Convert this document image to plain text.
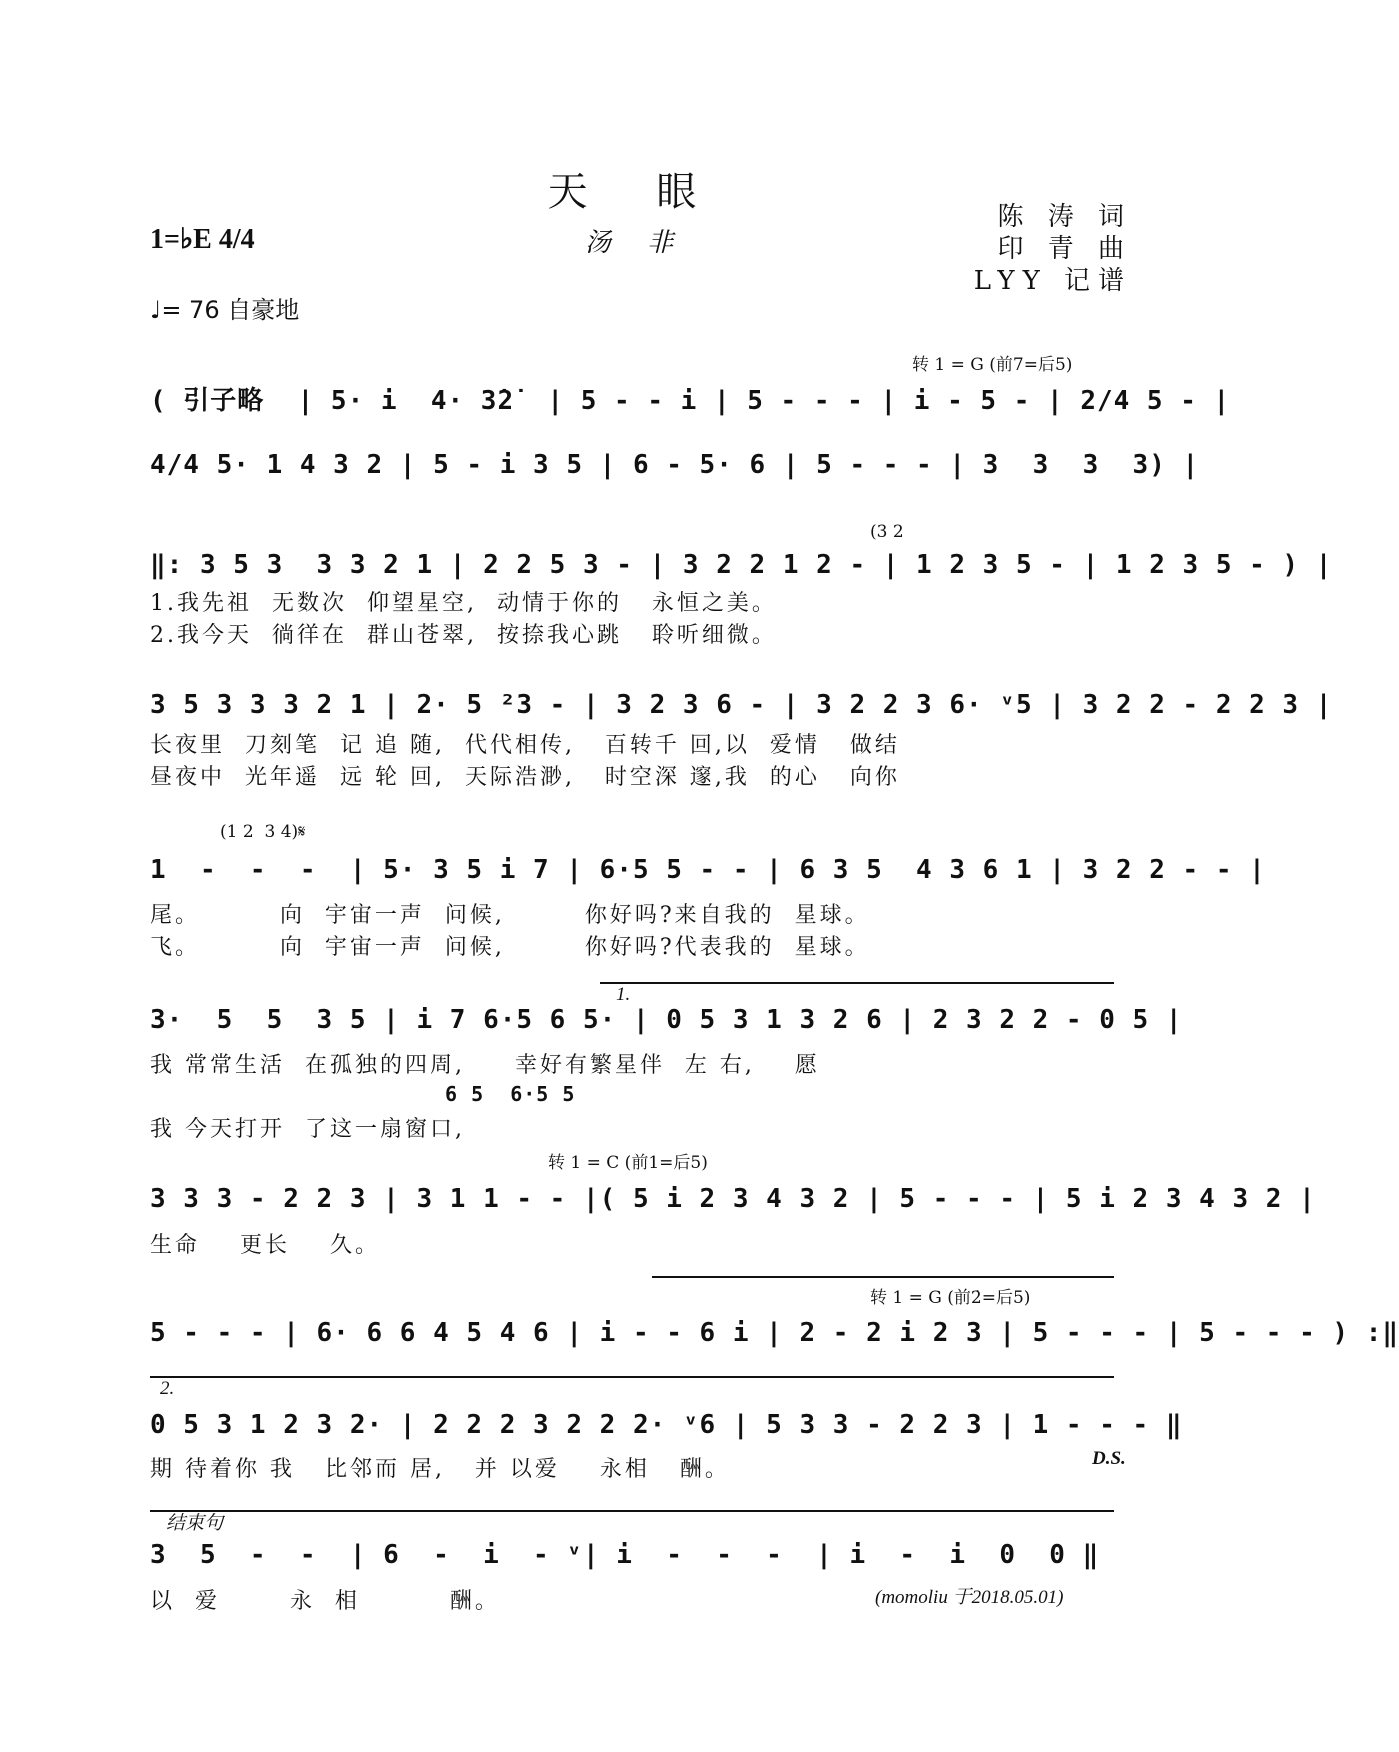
天 眼
汤 非
陈 涛 词
印 青 曲
LYY 记谱
1=♭E 4/4
♩= 76 自豪地
转 1 = G (前7=后5)
(3 2
(1 2  3 4)𝄋
转 1 = C (前1=后5)
转 1 = G (前2̇=后5)
1.
2.
结束句
D.S.
(momoliu 于2018.05.01)
( 引子略  | 5· i  4· 3̇2̇  | 5 - - i | 5 - - - | i - 5 - | 2/4 5 - |
4/4 5· 1 4 3 2 | 5 - i 3 5 | 6 - 5· 6 | 5 - - - | 3  3  3  3) |
‖: 3 5 3  3 3 2 1 | 2 2 5 3 - | 3 2 2 1 2 - | 1 2 3 5 - | 1 2 3 5 - ) |
3 5 3 3 3 2 1 | 2· 5 ²3 - | 3 2 3 6 - | 3 2 2 3 6· ᵛ5 | 3 2 2 - 2 2 3 |
1  -  -  -  | 5· 3 5 i 7 | 6·5 5 - - | 6 3 5  4 3 6 1 | 3 2 2 - - |
3·  5  5  3 5 | i 7 6·5 6 5· | 0 5 3 1 3 2 6 | 2 3 2 2 - 0 5 |
3 3 3 - 2 2 3 | 3 1 1 - - |( 5 i 2 3 4 3 2 | 5 - - - | 5 i 2 3 4 3 2 |
5 - - - | 6· 6 6 4 5 4 6 | i - - 6 i | 2 - 2 i 2 3 | 5 - - - | 5 - - - ) :‖
0 5 3 1 2 3 2· | 2 2 2 3 2 2 2· ᵛ6 | 5 3 3 - 2 2 3 | 1 - - - ‖
3  5  -  -  | 6  -  i  - ᵛ| i  -  -  -  | i  -  i  0  0 ‖
1.我先祖  无数次  仰望星空,  动情于你的   永恒之美。
2.我今天  徜徉在  群山苍翠,  按捺我心跳   聆听细微。
长夜里  刀刻笔  记 追 随,  代代相传,   百转千 回,以  爱情   做结
昼夜中  光年遥  远 轮 回,  天际浩渺,   时空深 邃,我  的心   向你
尾。        向  宇宙一声  问候,        你好吗?来自我的  星球。
飞。        向  宇宙一声  问候,        你好吗?代表我的  星球。
我 常常生活  在孤独的四周,     幸好有繁星伴  左 右,    愿
6 5  6·5 5
我 今天打开  了这一扇窗口,
生命    更长    久。
期 待着你 我   比邻而 居,   并 以爱    永相   酬。
以  爱       永  相         酬。
